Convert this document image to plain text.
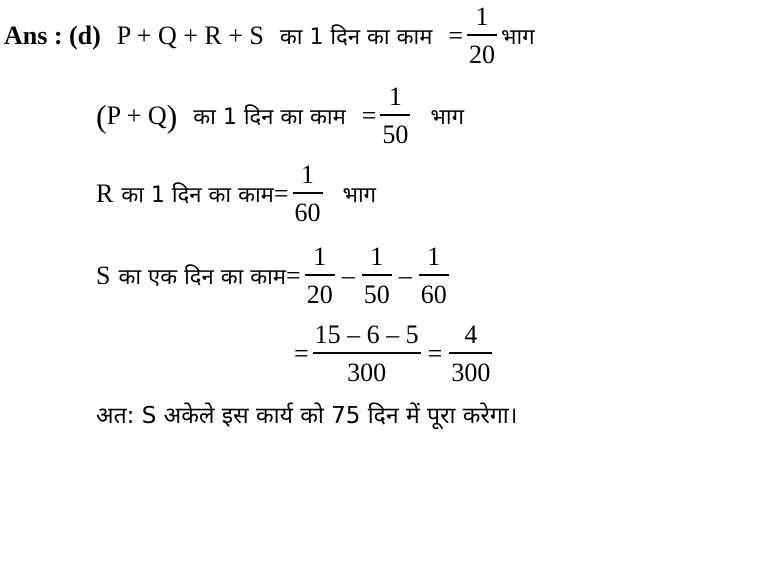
Ans : (d) P + Q + R + S का 1 दिन का काम = $\frac{1}{20}$ भाग
( P + Q ) का 1 दिन का काम = $\frac{1}{50}$ भाग
R का 1 दिन का काम = $\frac{1}{60}$ भाग
S का एक दिन का काम = $\frac{1}{20} - \frac{1}{50} - \frac{1}{60}$
= $\frac{15 - 6 - 5}{300} = \frac{4}{300}$
अत: S अकेले इस कार्य को 75 दिन में पूरा करेगा।
